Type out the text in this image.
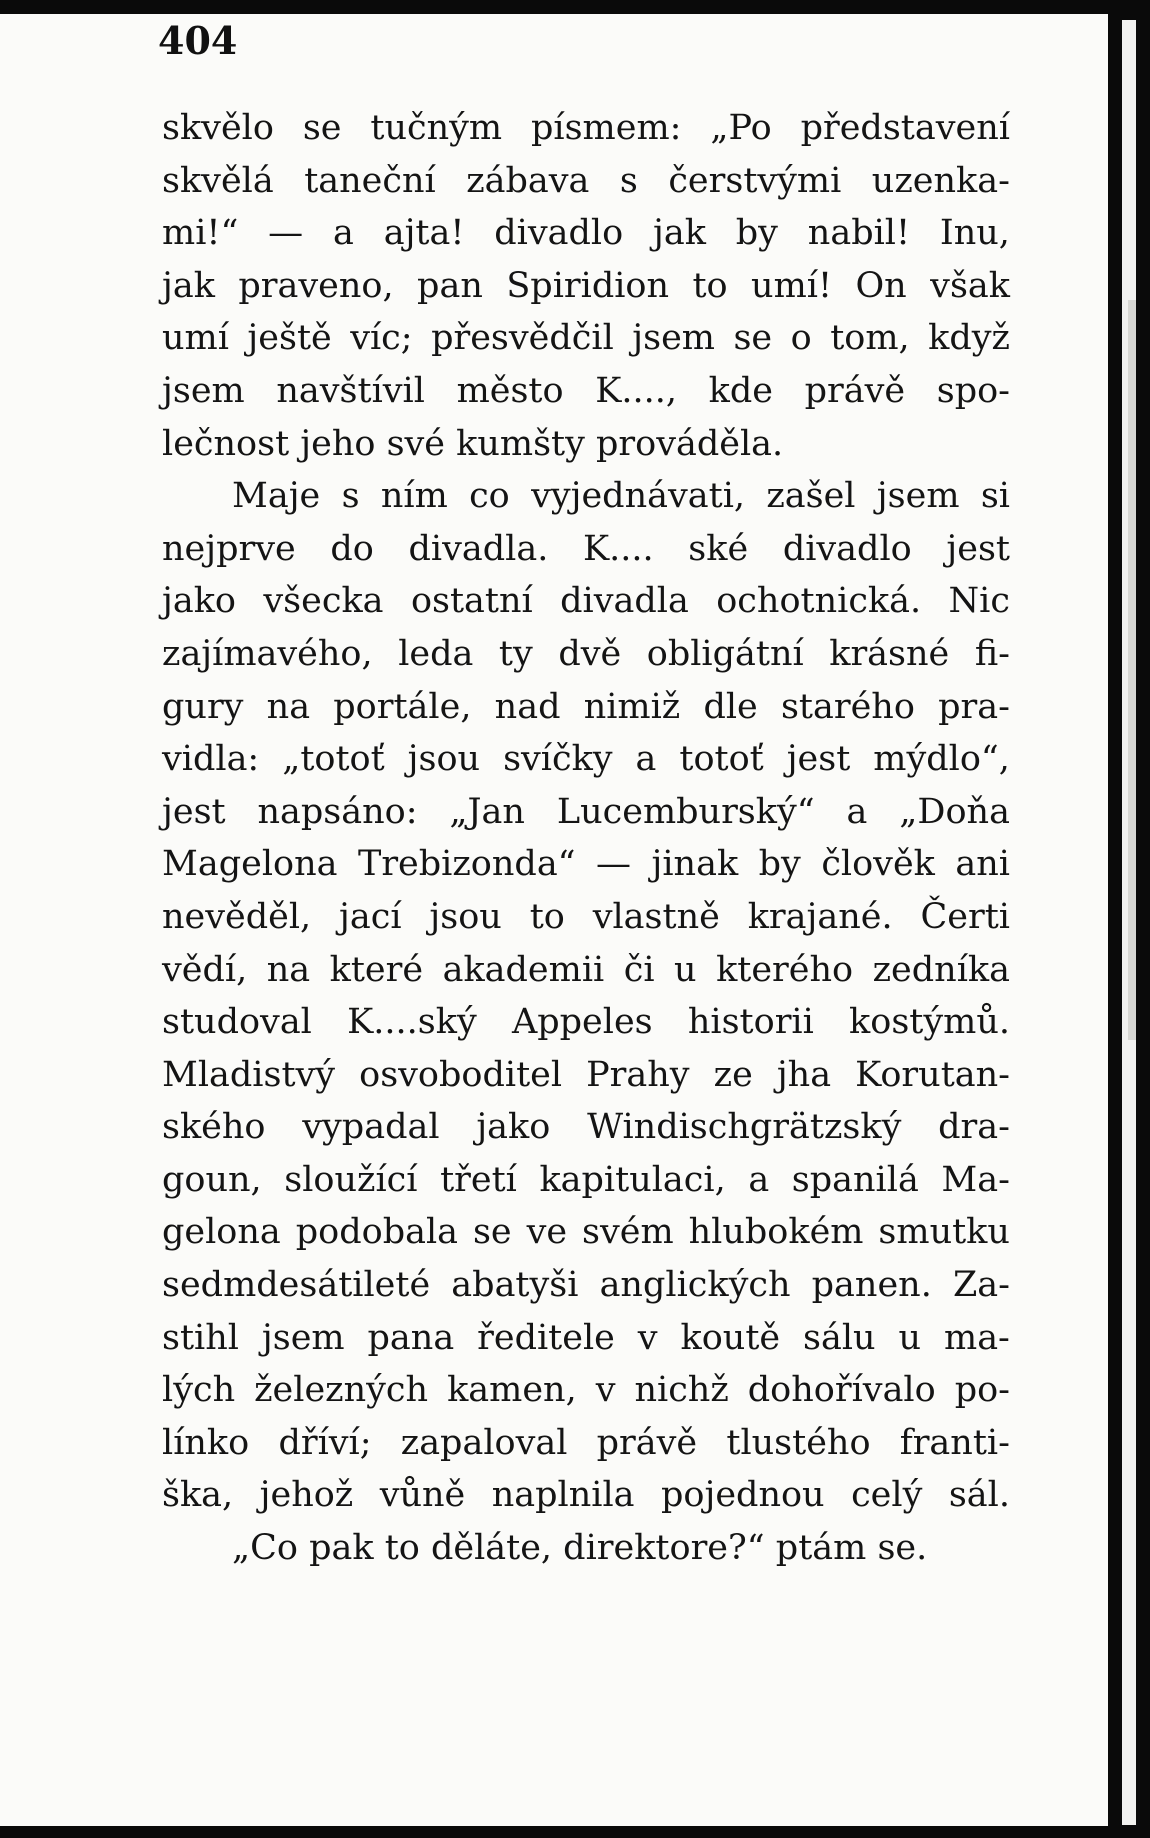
404
skvělo se tučným písmem: „Po představení
skvělá taneční zábava s čerstvými uzenka-
mi!“ — a ajta! divadlo jak by nabil! Inu,
jak praveno, pan Spiridion to umí! On však
umí ještě víc; přesvědčil jsem se o tom, když
jsem navštívil město K...., kde právě spo-
lečnost jeho své kumšty prováděla.
Maje s ním co vyjednávati, zašel jsem si
nejprve do divadla. K.... ské divadlo jest
jako všecka ostatní divadla ochotnická. Nic
zajímavého, leda ty dvě obligátní krásné fi-
gury na portále, nad nimiž dle starého pra-
vidla: „totoť jsou svíčky a totoť jest mýdlo“,
jest napsáno: „Jan Lucemburský“ a „Doňa
Magelona Trebizonda“ — jinak by člověk ani
nevěděl, jací jsou to vlastně krajané. Čerti
vědí, na které akademii či u kterého zedníka
studoval K....ský Appeles historii kostýmů.
Mladistvý osvoboditel Prahy ze jha Korutan-
ského vypadal jako Windischgrätzský dra-
goun, sloužící třetí kapitulaci, a spanilá Ma-
gelona podobala se ve svém hlubokém smutku
sedmdesátileté abatyši anglických panen. Za-
stihl jsem pana ředitele v koutě sálu u ma-
lých železných kamen, v nichž dohořívalo po-
línko dříví; zapaloval právě tlustého franti-
ška, jehož vůně naplnila pojednou celý sál.
„Co pak to děláte, direktore?“ ptám se.
